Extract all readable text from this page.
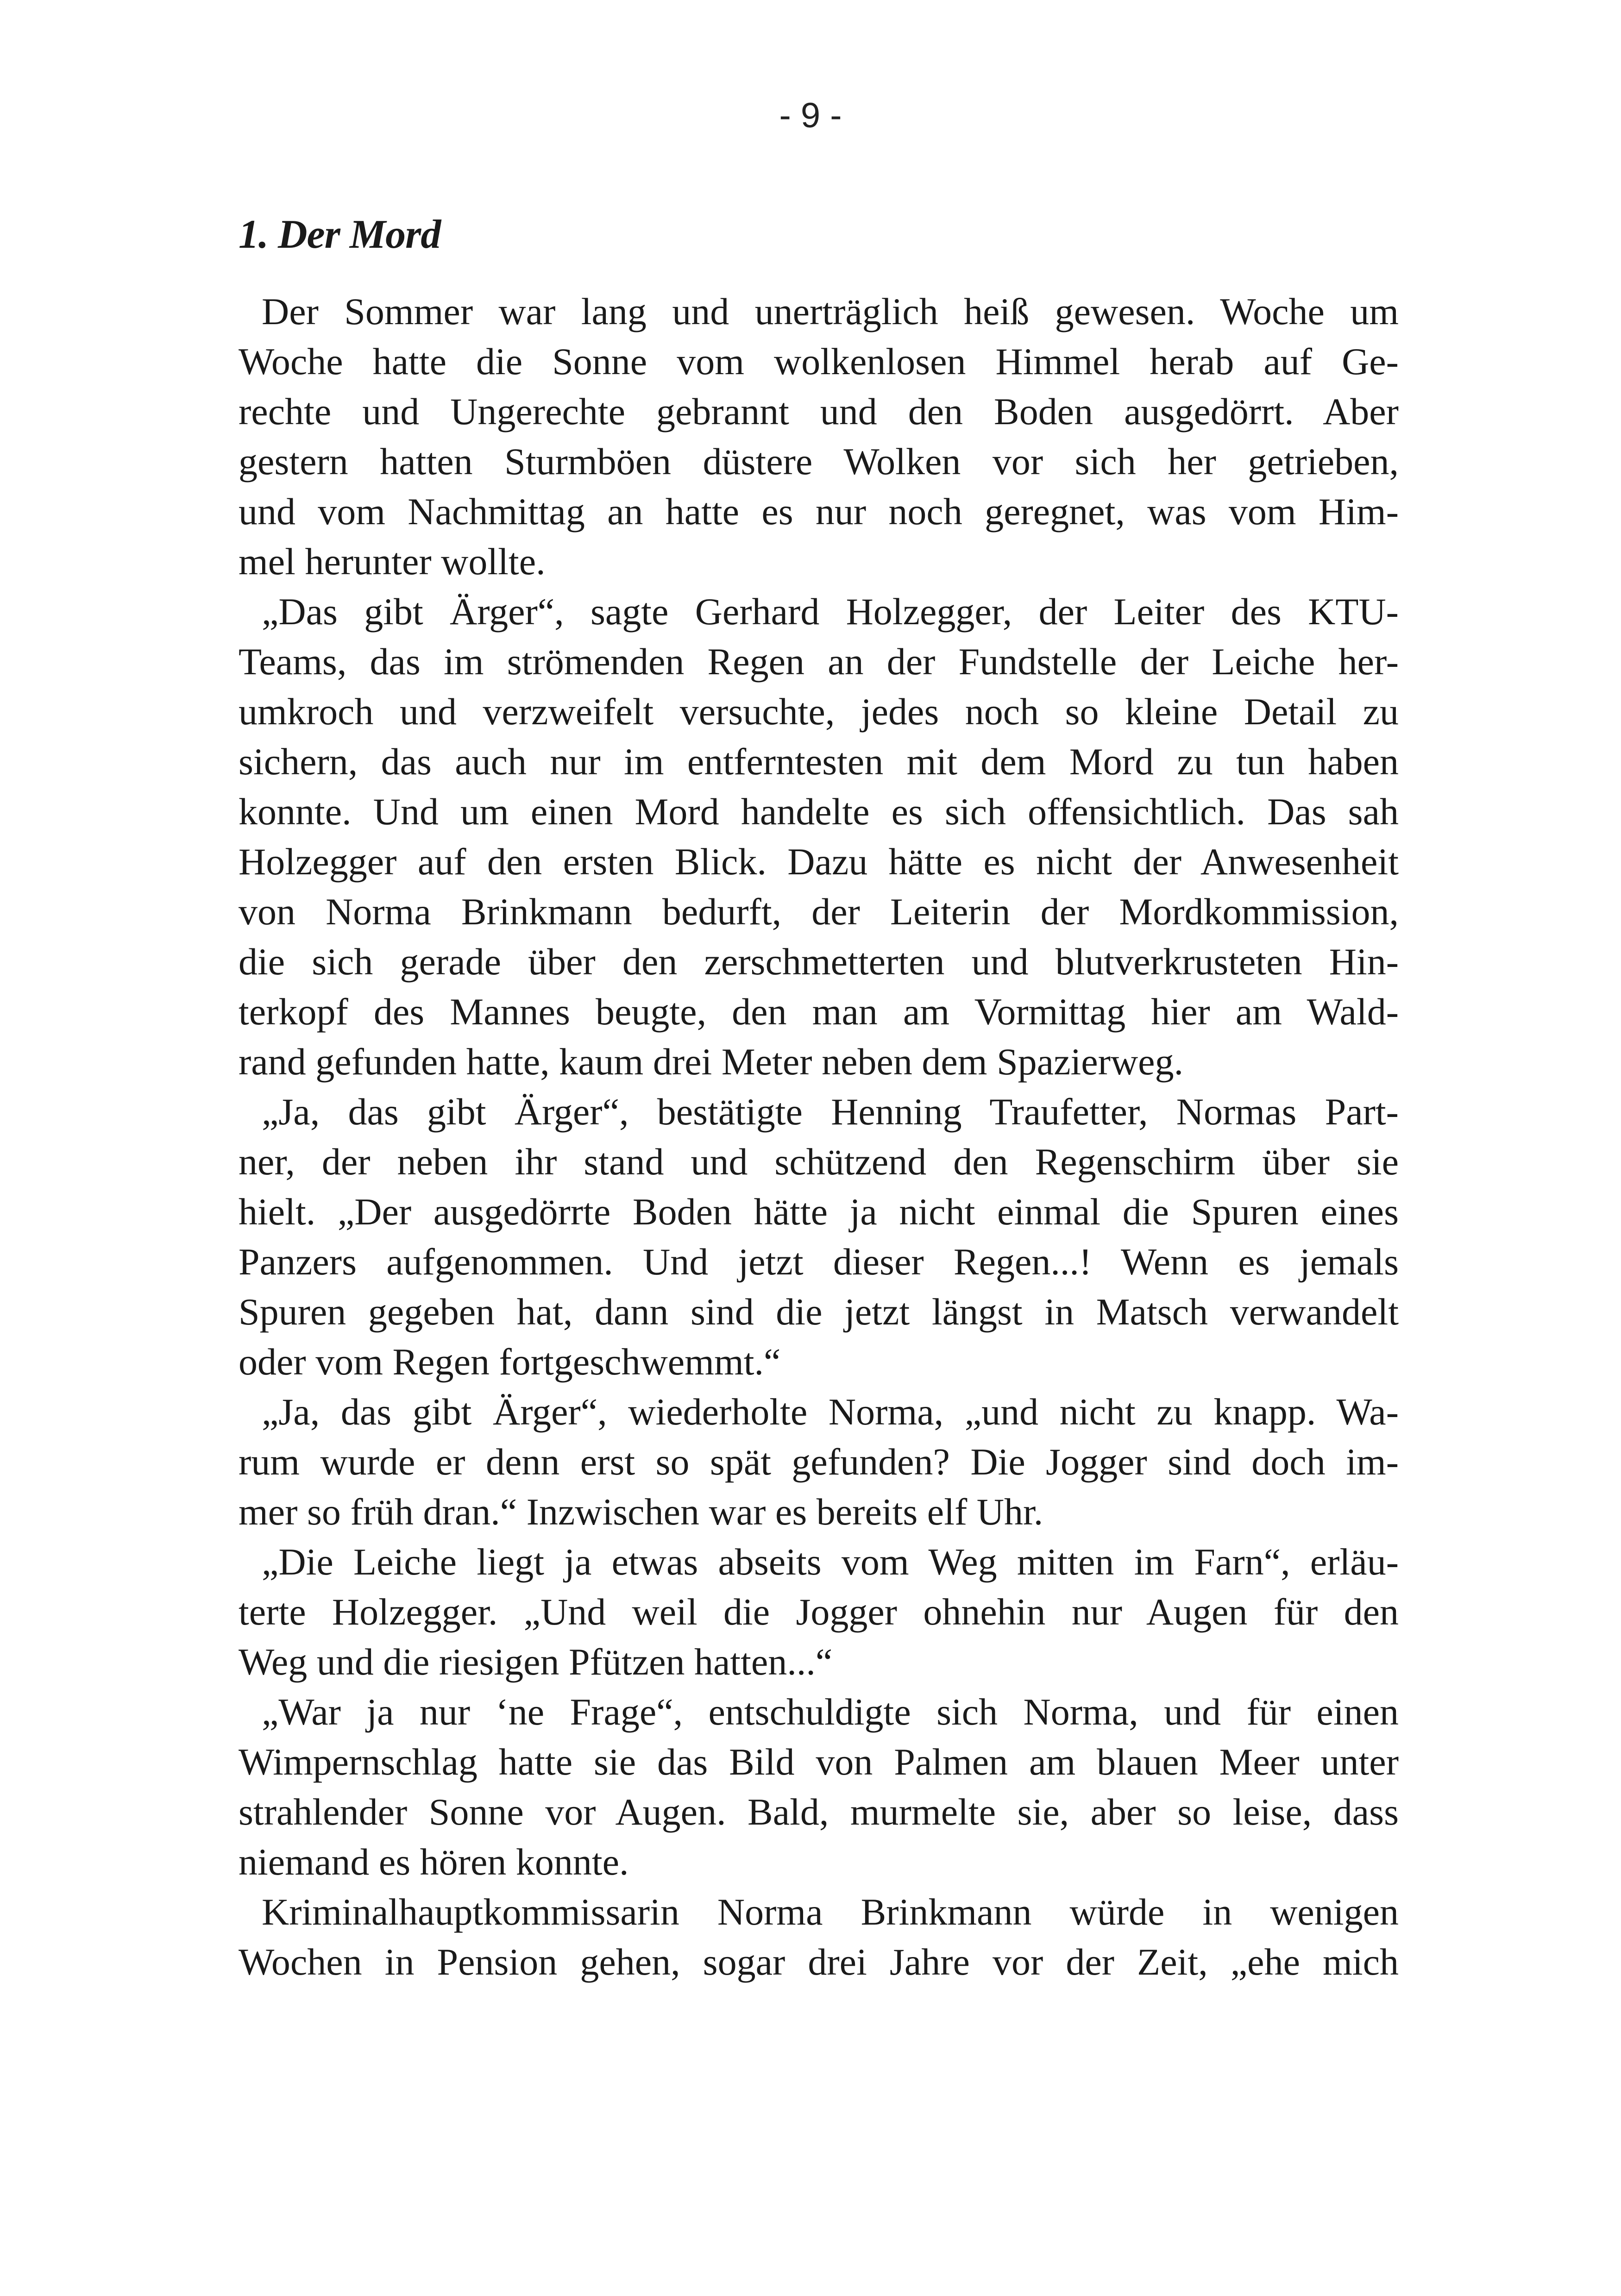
- 9 -
1. Der Mord

Der Sommer war lang und unerträglich heiß gewesen. Woche um
Woche hatte die Sonne vom wolkenlosen Himmel herab auf Ge-
rechte und Ungerechte gebrannt und den Boden ausgedörrt. Aber
gestern hatten Sturmböen düstere Wolken vor sich her getrieben,
und vom Nachmittag an hatte es nur noch geregnet, was vom Him-
mel herunter wollte.

„Das gibt Ärger“, sagte Gerhard Holzegger, der Leiter des KTU-
Teams, das im strömenden Regen an der Fundstelle der Leiche her-
umkroch und verzweifelt versuchte, jedes noch so kleine Detail zu
sichern, das auch nur im entferntesten mit dem Mord zu tun haben
konnte. Und um einen Mord handelte es sich offensichtlich. Das sah
Holzegger auf den ersten Blick. Dazu hätte es nicht der Anwesenheit
von Norma Brinkmann bedurft, der Leiterin der Mordkommission,
die sich gerade über den zerschmetterten und blutverkrusteten Hin-
terkopf des Mannes beugte, den man am Vormittag hier am Wald-
rand gefunden hatte, kaum drei Meter neben dem Spazierweg.

„Ja, das gibt Ärger“, bestätigte Henning Traufetter, Normas Part-
ner, der neben ihr stand und schützend den Regenschirm über sie
hielt. „Der ausgedörrte Boden hätte ja nicht einmal die Spuren eines
Panzers aufgenommen. Und jetzt dieser Regen...! Wenn es jemals
Spuren gegeben hat, dann sind die jetzt längst in Matsch verwandelt
oder vom Regen fortgeschwemmt.“

„Ja, das gibt Ärger“, wiederholte Norma, „und nicht zu knapp. Wa-
rum wurde er denn erst so spät gefunden? Die Jogger sind doch im-
mer so früh dran.“ Inzwischen war es bereits elf Uhr.

„Die Leiche liegt ja etwas abseits vom Weg mitten im Farn“, erläu-
terte Holzegger. „Und weil die Jogger ohnehin nur Augen für den
Weg und die riesigen Pfützen hatten...“

„War ja nur ‘ne Frage“, entschuldigte sich Norma, und für einen
Wimpernschlag hatte sie das Bild von Palmen am blauen Meer unter
strahlender Sonne vor Augen. Bald, murmelte sie, aber so leise, dass
niemand es hören konnte.

Kriminalhauptkommissarin Norma Brinkmann würde in wenigen
Wochen in Pension gehen, sogar drei Jahre vor der Zeit, „ehe mich
